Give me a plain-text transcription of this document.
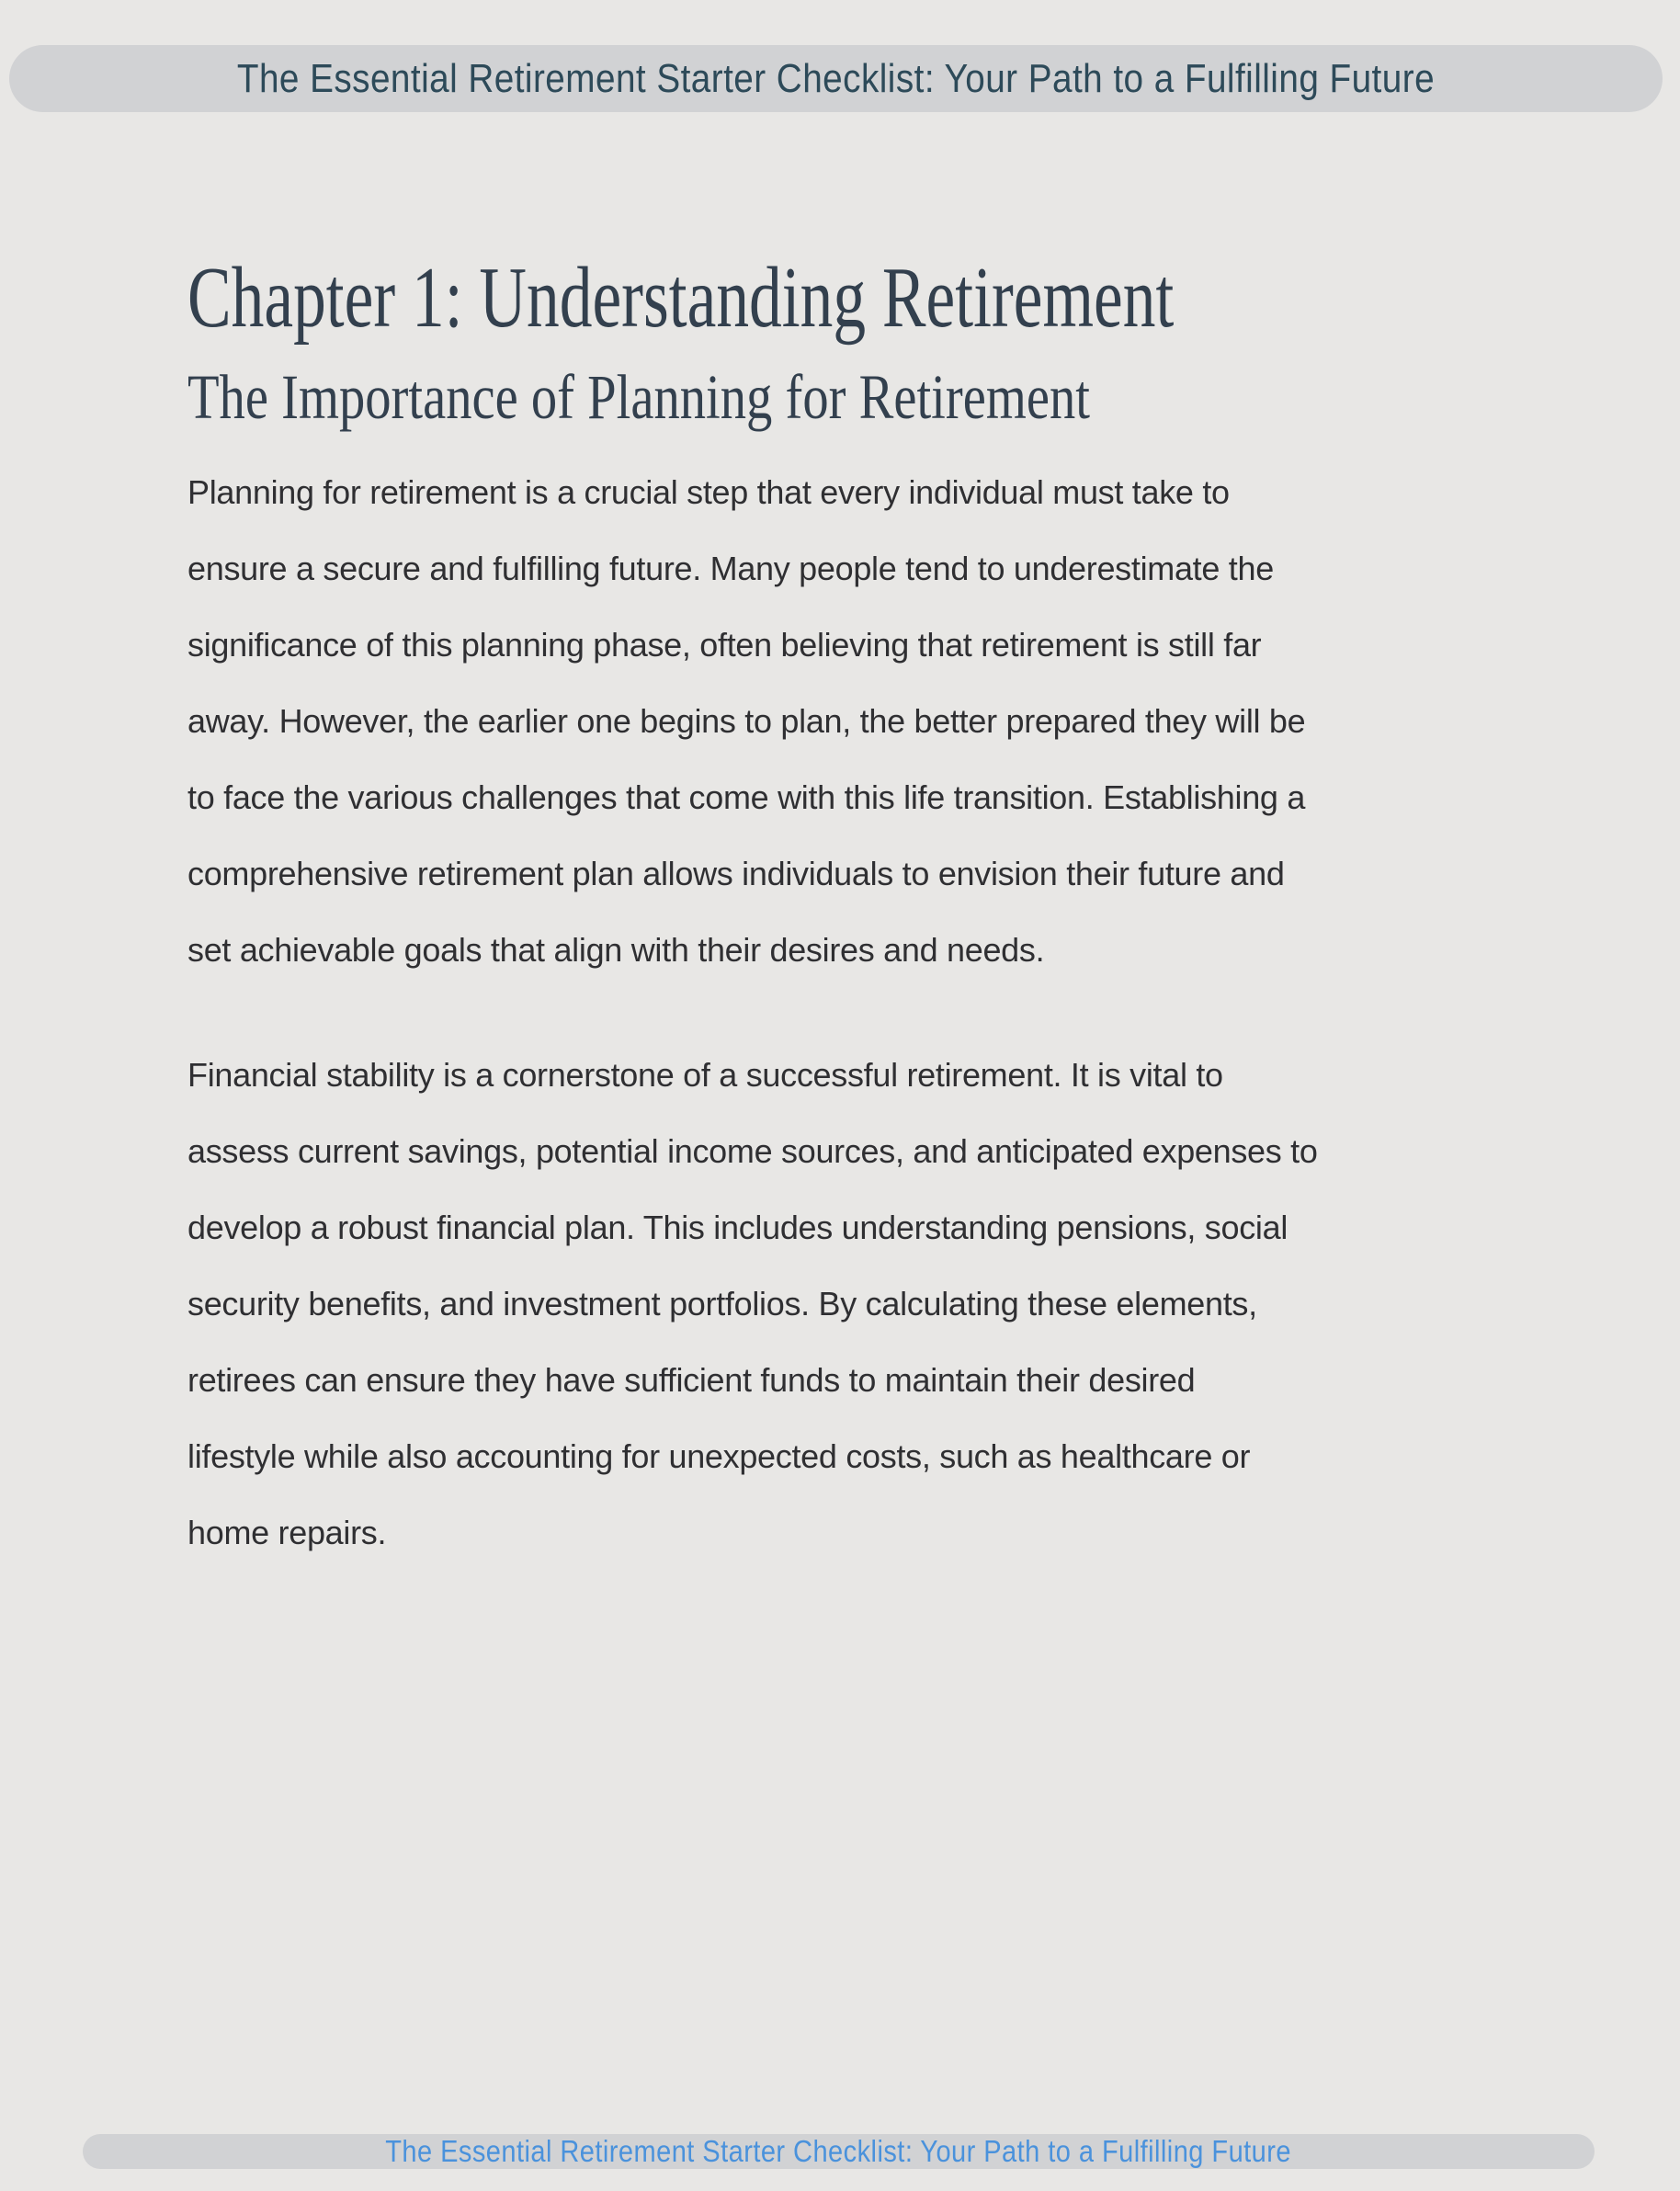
The Essential Retirement Starter Checklist: Your Path to a Fulfilling Future
Chapter 1: Understanding Retirement
The Importance of Planning for Retirement
Planning for retirement is a crucial step that every individual must take to
ensure a secure and fulfilling future. Many people tend to underestimate the
significance of this planning phase, often believing that retirement is still far
away. However, the earlier one begins to plan, the better prepared they will be
to face the various challenges that come with this life transition. Establishing a
comprehensive retirement plan allows individuals to envision their future and
set achievable goals that align with their desires and needs.
Financial stability is a cornerstone of a successful retirement. It is vital to
assess current savings, potential income sources, and anticipated expenses to
develop a robust financial plan. This includes understanding pensions, social
security benefits, and investment portfolios. By calculating these elements,
retirees can ensure they have sufficient funds to maintain their desired
lifestyle while also accounting for unexpected costs, such as healthcare or
home repairs.
The Essential Retirement Starter Checklist: Your Path to a Fulfilling Future
